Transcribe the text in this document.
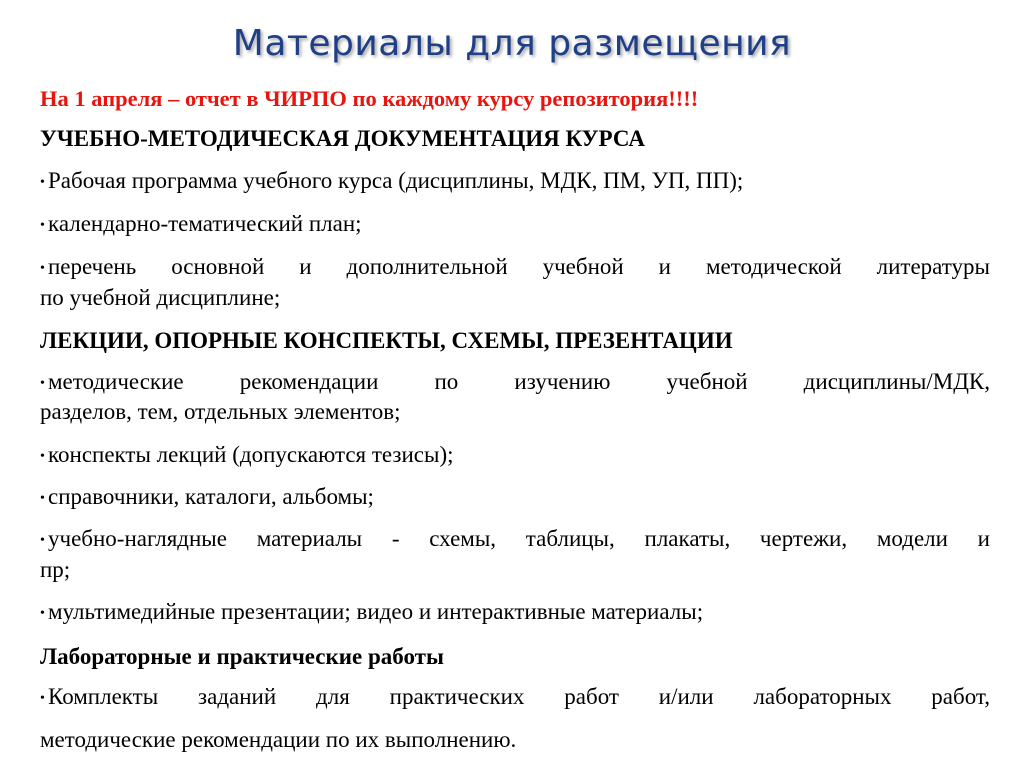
Материалы для размещения
На 1 апреля – отчет в ЧИРПО по каждому курсу репозитория!!!!
УЧЕБНО-МЕТОДИЧЕСКАЯ ДОКУМЕНТАЦИЯ КУРСА
• Рабочая программа учебного курса (дисциплины, МДК, ПМ, УП, ПП);
• календарно-тематический план;
• перечень основной и дополнительной учебной и методической литературы
по учебной дисциплине;
ЛЕКЦИИ, ОПОРНЫЕ КОНСПЕКТЫ, СХЕМЫ, ПРЕЗЕНТАЦИИ
• методические рекомендации по изучению учебной дисциплины/МДК,
разделов, тем, отдельных элементов;
• конспекты лекций (допускаются тезисы);
• справочники, каталоги, альбомы;
• учебно-наглядные материалы - схемы, таблицы, плакаты, чертежи, модели и
пр;
• мультимедийные презентации; видео и интерактивные материалы;
Лабораторные и практические работы
• Комплекты заданий для практических работ и/или лабораторных работ,
методические рекомендации по их выполнению.
